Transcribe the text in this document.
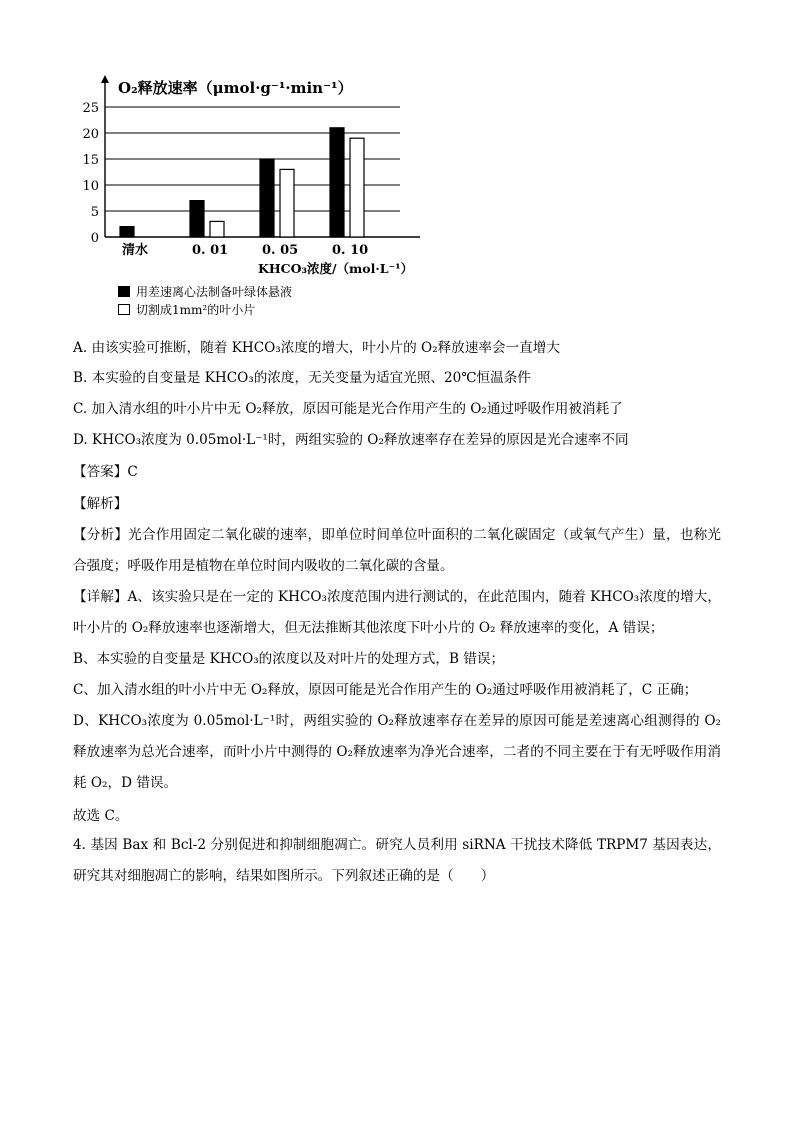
0
5
10
15
20
25
清水	0. 01	0. 05	0. 10
KHCO₃浓度/（mol·L⁻¹）
O₂释放速率（μmol·g⁻¹·min⁻¹）
用差速离心法制备叶绿体悬液
切割成1mm²的叶小片
A. 由该实验可推断，随着 KHCO₃浓度的增大，叶小片的 O₂释放速率会一直增大
B. 本实验的自变量是 KHCO₃的浓度，无关变量为适宜光照、20℃恒温条件
C. 加入清水组的叶小片中无 O₂释放，原因可能是光合作用产生的 O₂通过呼吸作用被消耗了
D. KHCO₃浓度为 0.05mol·L⁻¹时，两组实验的 O₂释放速率存在差异的原因是光合速率不同
【答案】C
【解析】
【分析】光合作用固定二氧化碳的速率，即单位时间单位叶面积的二氧化碳固定（或氧气产生）量，也称光合强度；呼吸作用是植物在单位时间内吸收的二氧化碳的含量。
【详解】A、该实验只是在一定的 KHCO₃浓度范围内进行测试的，在此范围内，随着 KHCO₃浓度的增大，叶小片的 O₂释放速率也逐渐增大，但无法推断其他浓度下叶小片的 O₂ 释放速率的变化，A 错误；
B、本实验的自变量是 KHCO₃的浓度以及对叶片的处理方式，B 错误；
C、加入清水组的叶小片中无 O₂释放，原因可能是光合作用产生的 O₂通过呼吸作用被消耗了，C 正确；
D、KHCO₃浓度为 0.05mol·L⁻¹时，两组实验的 O₂释放速率存在差异的原因可能是差速离心组测得的 O₂释放速率为总光合速率，而叶小片中测得的 O₂释放速率为净光合速率，二者的不同主要在于有无呼吸作用消耗 O₂，D 错误。
故选 C。
4. 基因 Bax 和 Bcl-2 分别促进和抑制细胞凋亡。研究人员利用 siRNA 干扰技术降低 TRPM7 基因表达，研究其对细胞凋亡的影响，结果如图所示。下列叙述正确的是（　　）
